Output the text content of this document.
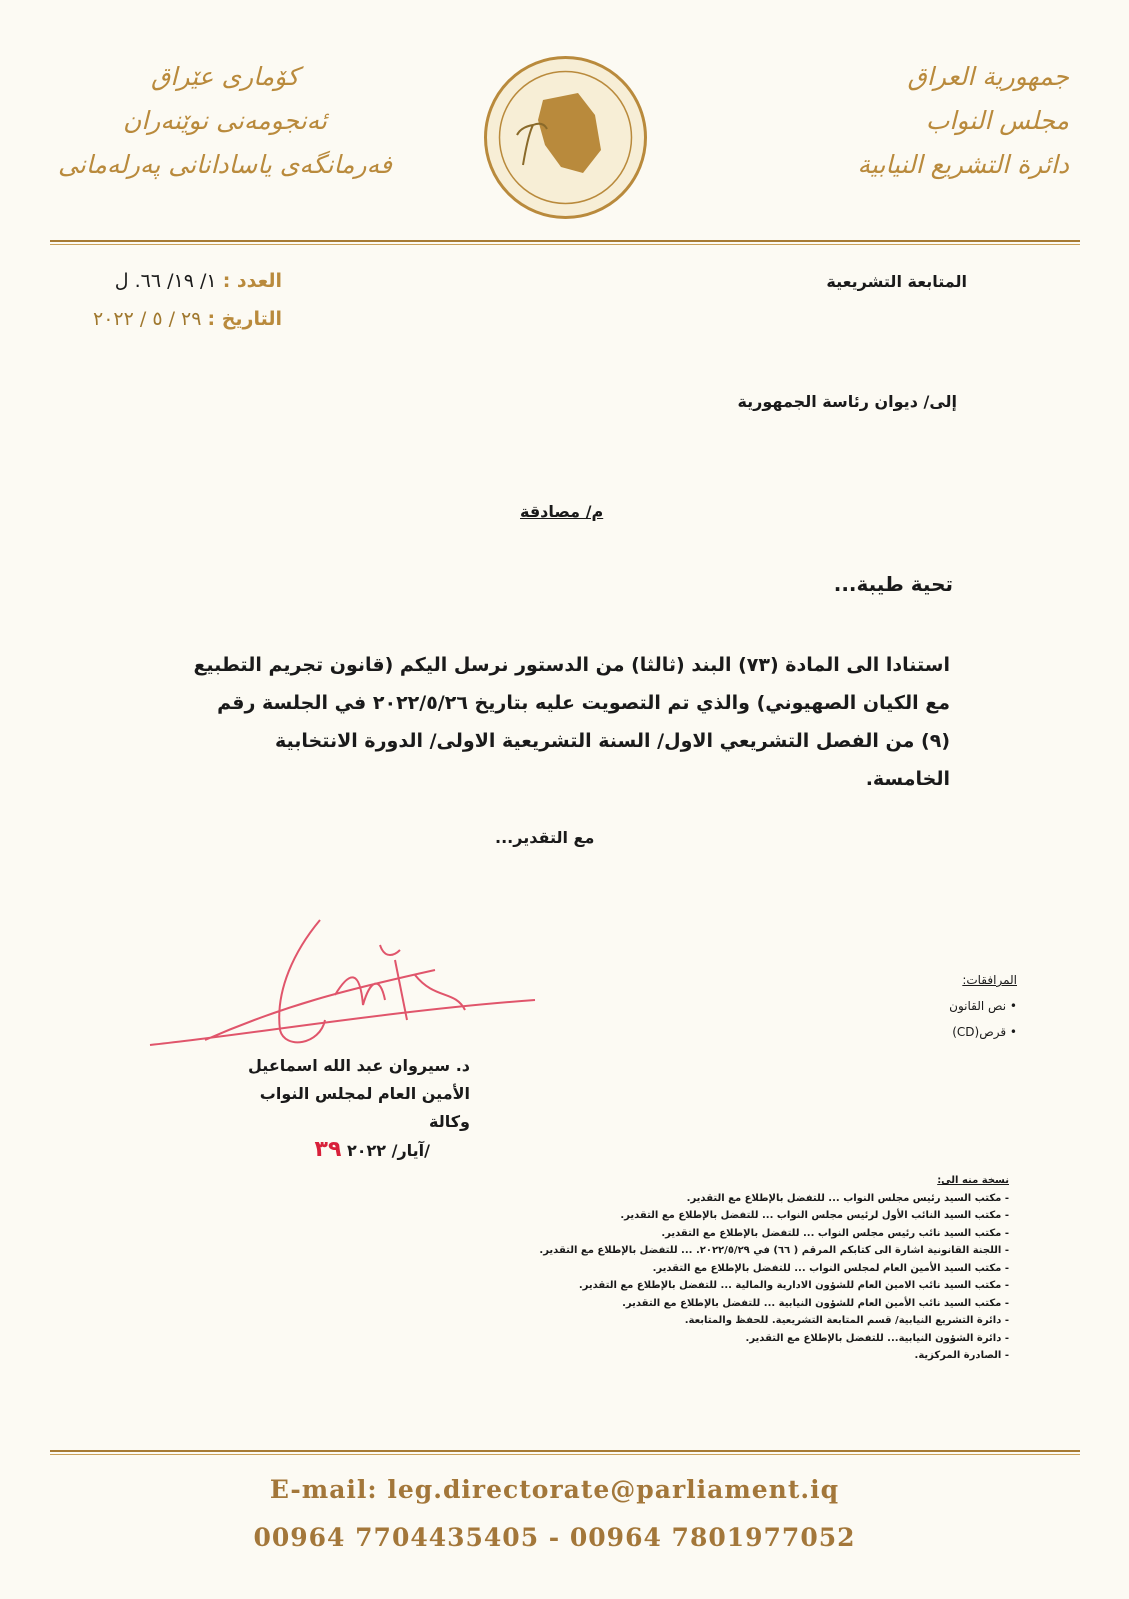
جمهورية العراق
مجلس النواب
دائرة التشريع النيابية
کۆماری عێراق
ئەنجومەنی نوێنەران
فەرمانگەی یاسادانانی پەرلەمانی
المتابعة التشريعية
العدد : ١/ ١٩/ ٦٦. ل
التاريخ : ٢٩ / ٥ / ٢٠٢٢
إلى/ ديوان رئاسة الجمهورية
م/ مصادقة
تحية طيبة...
استنادا الى المادة (٧٣) البند (ثالثا) من الدستور نرسل اليكم (قانون تجريم التطبيع مع الكيان الصهيوني) والذي تم التصويت عليه بتاريخ ٢٠٢٢/٥/٢٦ في الجلسة رقم (٩) من الفصل التشريعي الاول/ السنة التشريعية الاولى/ الدورة الانتخابية الخامسة.
مع التقدير...
المرافقات:
• نص القانون
• قرص(CD)
د. سيروان عبد الله اسماعيل
الأمين العام لمجلس النواب وكالة
/آيار/ ٢٠٢٢ ٣٩
نسخة منه الى:
- مكتب السيد رئيس مجلس النواب ... للتفضل بالإطلاع مع التقدير.
- مكتب السيد النائب الأول لرئيس مجلس النواب ... للتفضل بالإطلاع مع التقدير.
- مكتب السيد نائب رئيس مجلس النواب ... للتفضل بالإطلاع مع التقدير.
- اللجنة القانونية اشارة الى كتابكم المرقم ( ٦٦) في ٢٠٢٢/٥/٢٩. ... للتفضل بالإطلاع مع التقدير.
- مكتب السيد الأمين العام لمجلس النواب ... للتفضل بالإطلاع مع التقدير.
- مكتب السيد نائب الامين العام للشؤون الادارية والمالية ... للتفضل بالإطلاع مع التقدير.
- مكتب السيد نائب الأمين العام للشؤون النيابية ... للتفضل بالإطلاع مع التقدير.
- دائرة التشريع النيابية/ قسم المتابعة التشريعية. للحفظ والمتابعة.
- دائرة الشؤون النيابية... للتفضل بالإطلاع مع التقدير.
- الصادرة المركزية.
E-mail: leg.directorate@parliament.iq
00964 7704435405 - 00964 7801977052
